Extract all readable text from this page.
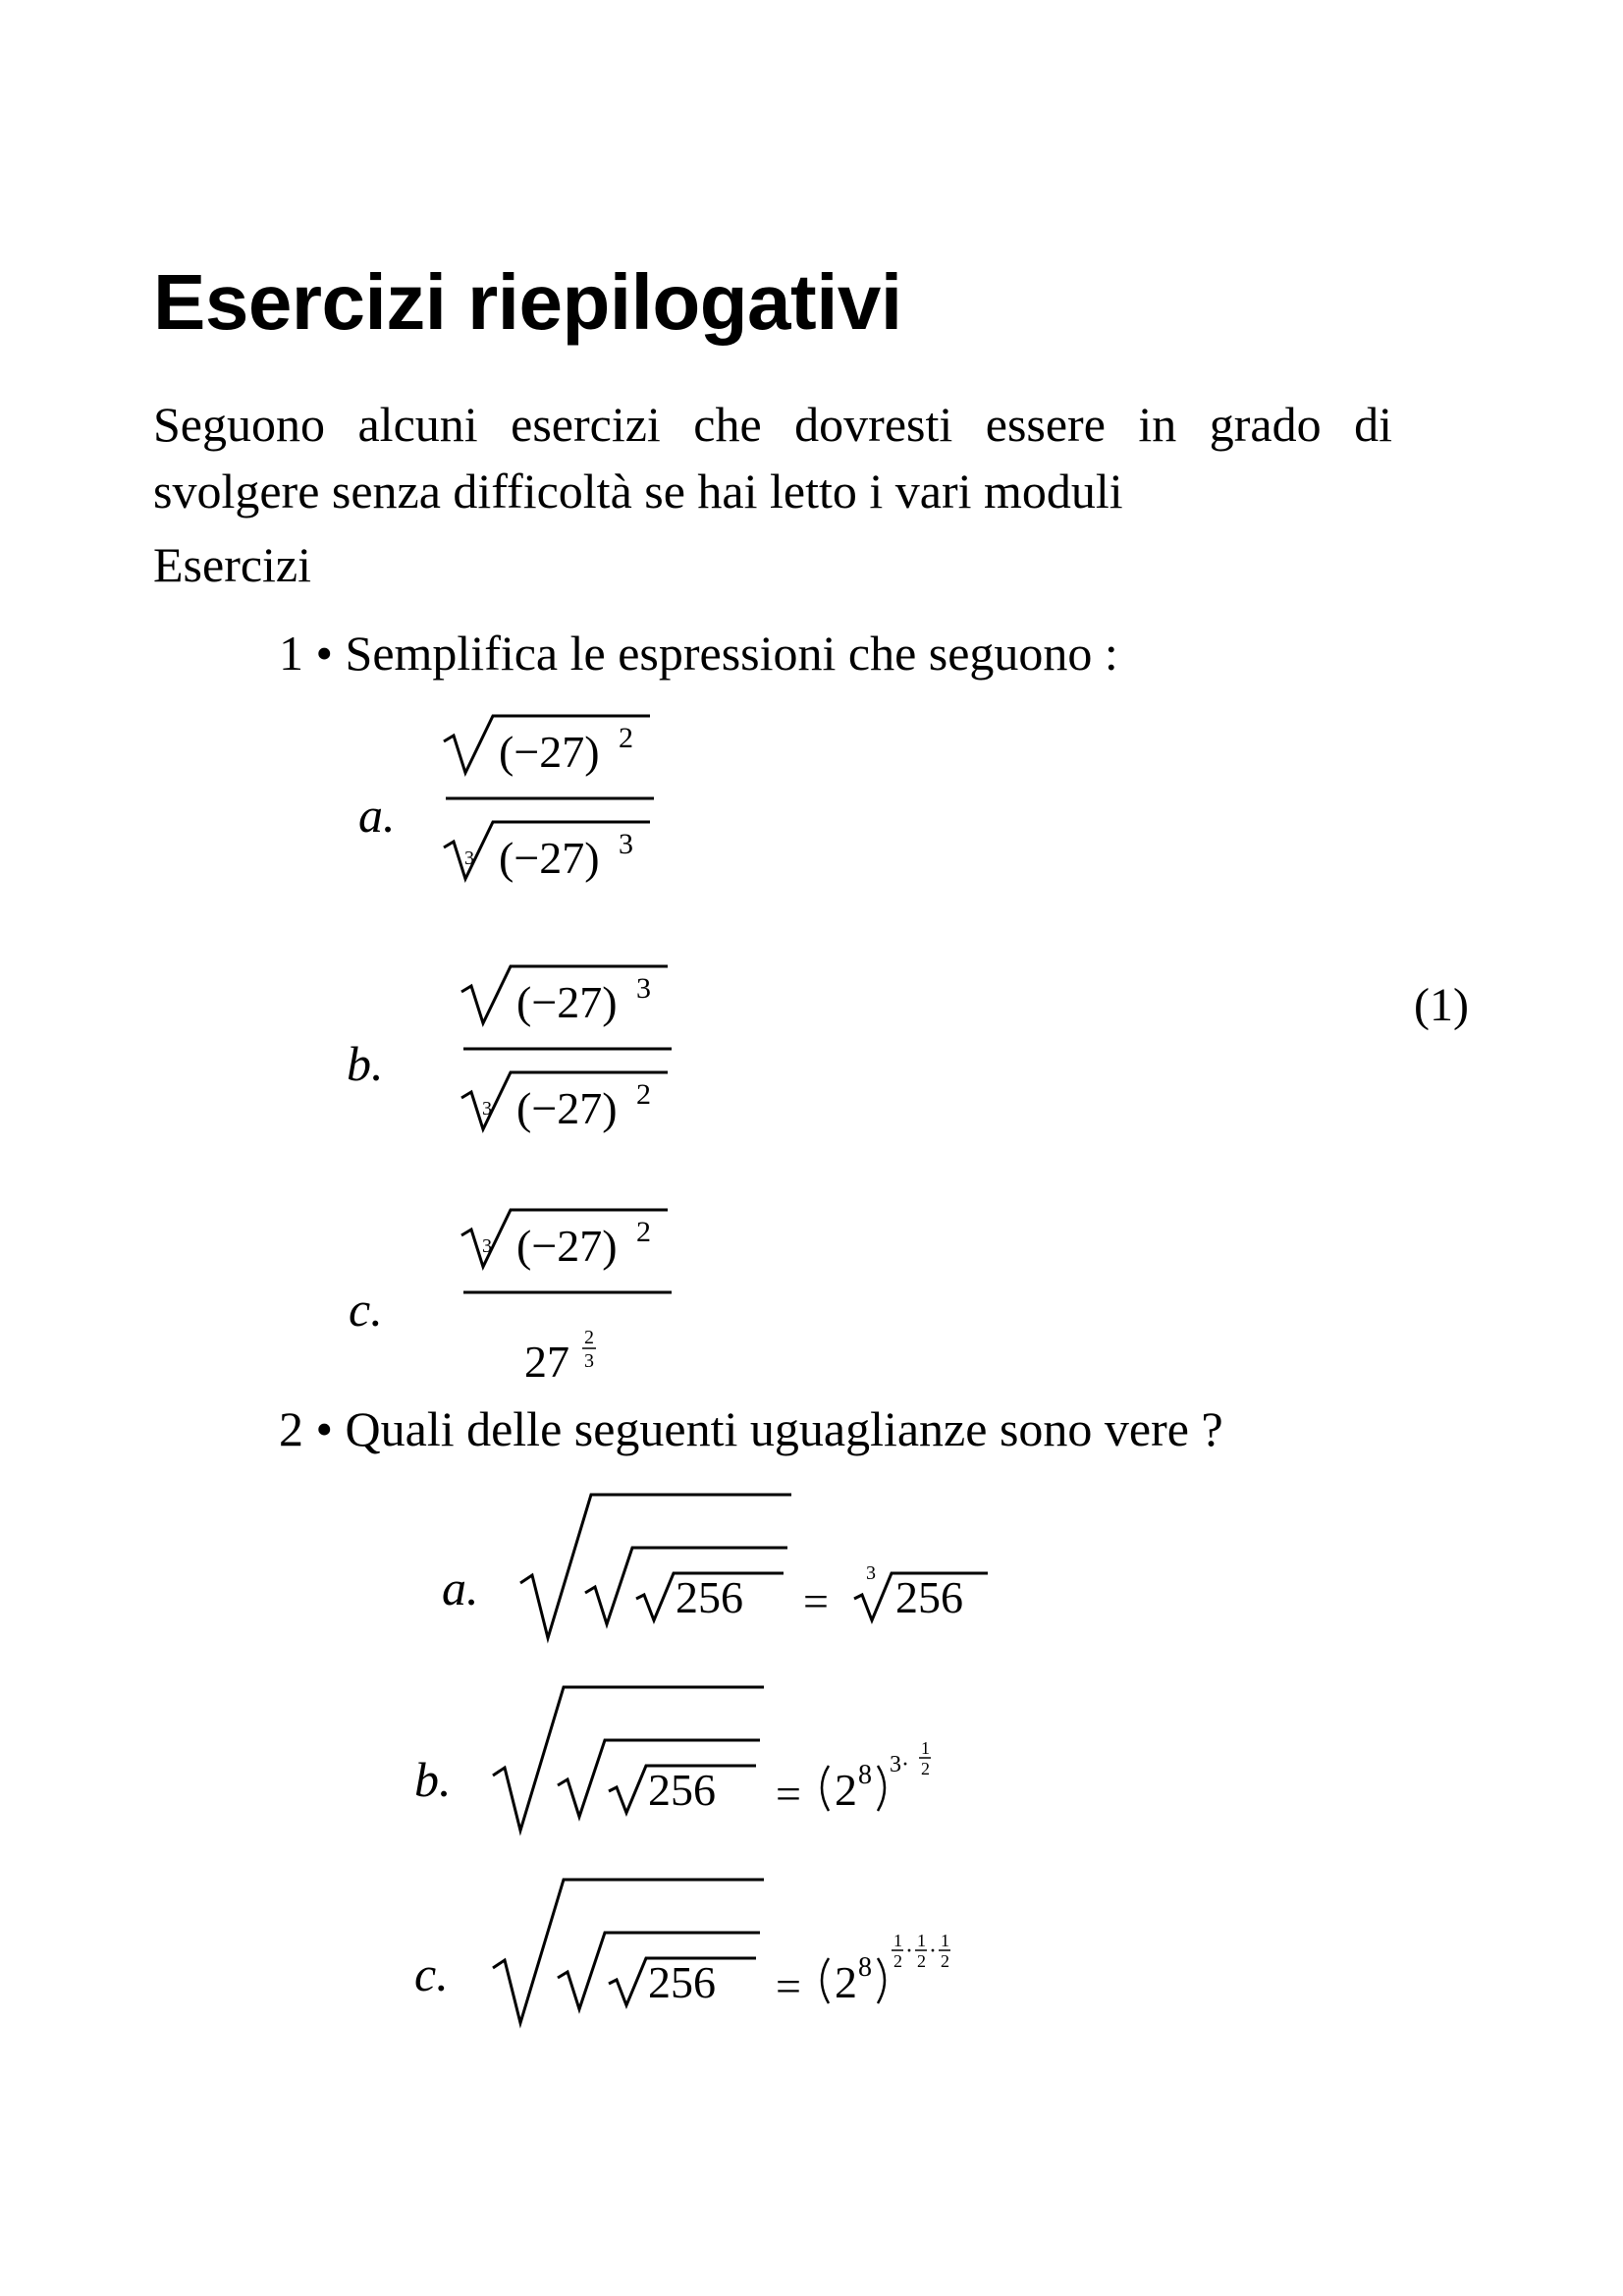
Esercizi riepilogativi
Seguono alcuni esercizi che dovresti essere in grado di
svolgere senza difficoltà se hai letto i vari moduli
Esercizi
1 • Semplifica le espressioni che seguono :
(1)
a.
(−27) 2
3 (−27) 3
b.
(−27) 3
3 (−27) 2
c.
3 (−27) 2
27 2
3
2 • Quali delle seguenti uguaglianze sono vere ?
a.	256 =
3 256
b.	256 = 2 8 3·
1
2
c.	256 = 2 8
1
2 · 1
2 · 1
2
